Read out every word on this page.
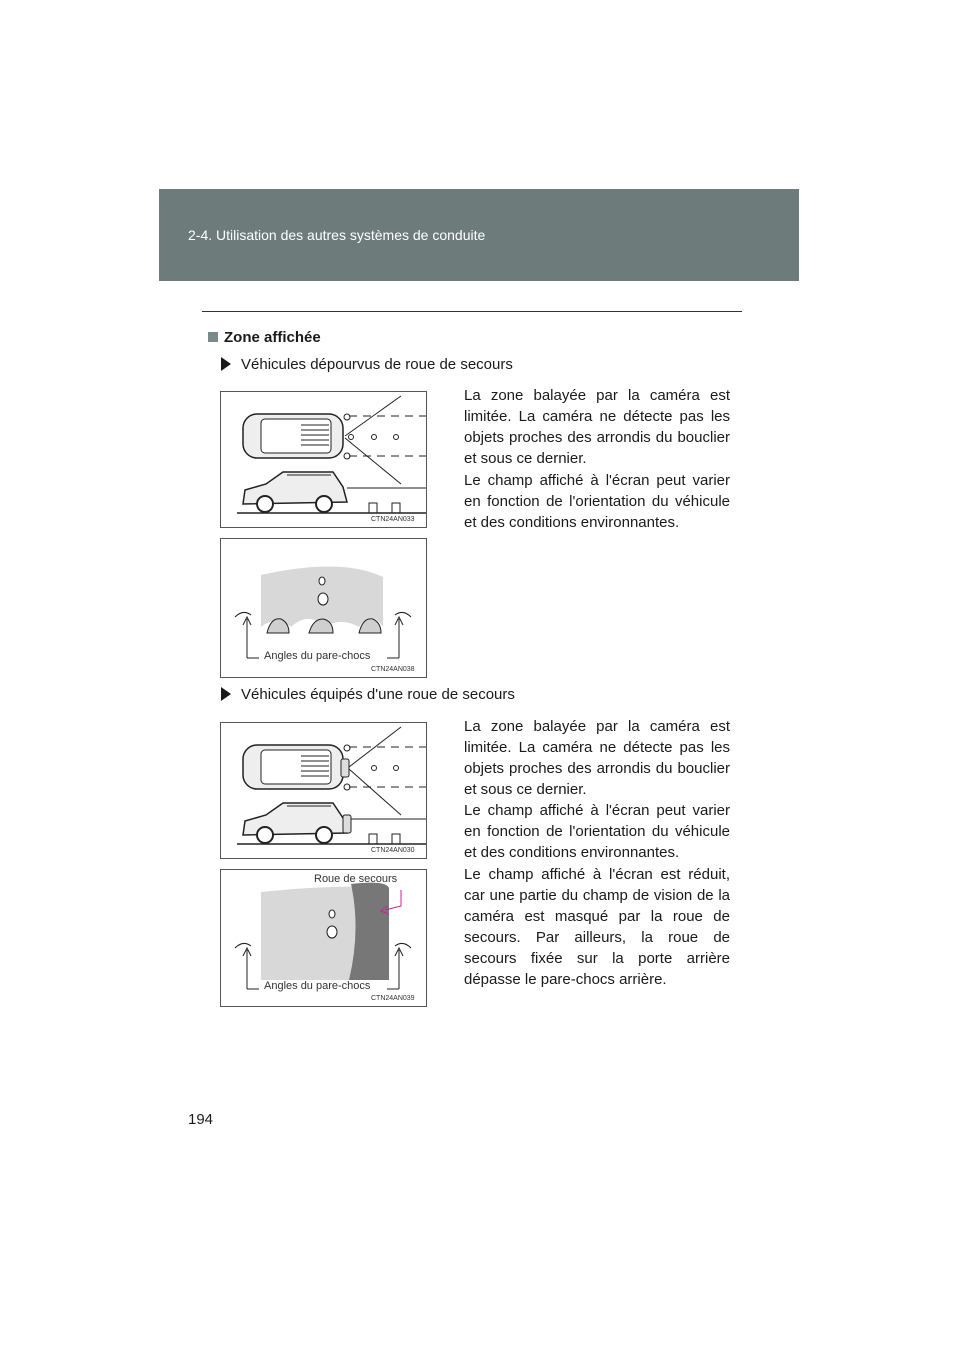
2-4. Utilisation des autres systèmes de conduite
Zone affichée
Véhicules dépourvus de roue de secours
La zone balayée par la caméra est limitée. La caméra ne détecte pas les objets proches des arrondis du bouclier et sous ce dernier.
Le champ affiché à l'écran peut varier en fonction de l'orientation du véhicule et des conditions environnantes.
CTN24AN033
Angles du pare-chocs
CTN24AN038
Véhicules équipés d'une roue de secours
La zone balayée par la caméra est limitée. La caméra ne détecte pas les objets proches des arrondis du bouclier et sous ce dernier.
Le champ affiché à l'écran peut varier en fonction de l'orientation du véhicule et des conditions environnantes.
Le champ affiché à l'écran est réduit, car une partie du champ de vision de la caméra est masqué par la roue de secours. Par ailleurs, la roue de secours fixée sur la porte arrière dépasse le pare-chocs arrière.
CTN24AN030
Roue de secours
Angles du pare-chocs
CTN24AN039
194
